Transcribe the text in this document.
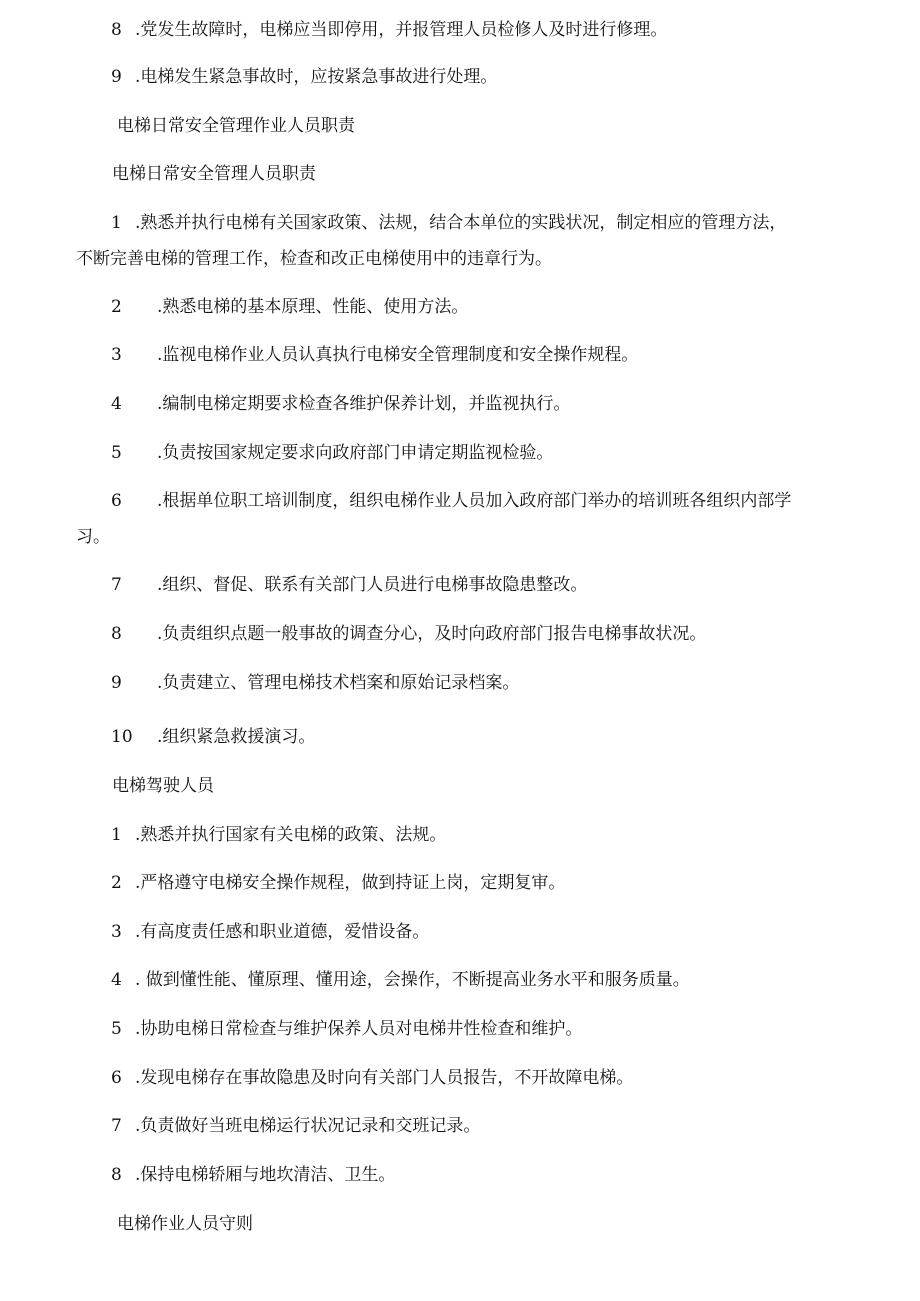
8 .党发生故障时，电梯应当即停用，并报管理人员检修人及时进行修理。
9 .电梯发生紧急事故时，应按紧急事故进行处理。
电梯日常安全管理作业人员职责
电梯日常安全管理人员职责
1 .熟悉并执行电梯有关国家政策、法规，结合本单位的实践状况，制定相应的管理方法，
不断完善电梯的管理工作，检查和改正电梯使用中的违章行为。
2 .熟悉电梯的基本原理、性能、使用方法。
3 .监视电梯作业人员认真执行电梯安全管理制度和安全操作规程。
4 .编制电梯定期要求检查各维护保养计划，并监视执行。
5 .负责按国家规定要求向政府部门申请定期监视检验。
6 .根据单位职工培训制度，组织电梯作业人员加入政府部门举办的培训班各组织内部学
习。
7 .组织、督促、联系有关部门人员进行电梯事故隐患整改。
8 .负责组织点题一般事故的调查分心，及时向政府部门报告电梯事故状况。
9 .负责建立、管理电梯技术档案和原始记录档案。
10 .组织紧急救援演习。
电梯驾驶人员
1 .熟悉并执行国家有关电梯的政策、法规。
2 .严格遵守电梯安全操作规程，做到持证上岗，定期复审。
3 .有高度责任感和职业道德，爱惜设备。
4 . 做到懂性能、懂原理、懂用途，会操作，不断提高业务水平和服务质量。
5 .协助电梯日常检查与维护保养人员对电梯井性检查和维护。
6 .发现电梯存在事故隐患及时向有关部门人员报告，不开故障电梯。
7 .负责做好当班电梯运行状况记录和交班记录。
8 .保持电梯轿厢与地坎清洁、卫生。
电梯作业人员守则
